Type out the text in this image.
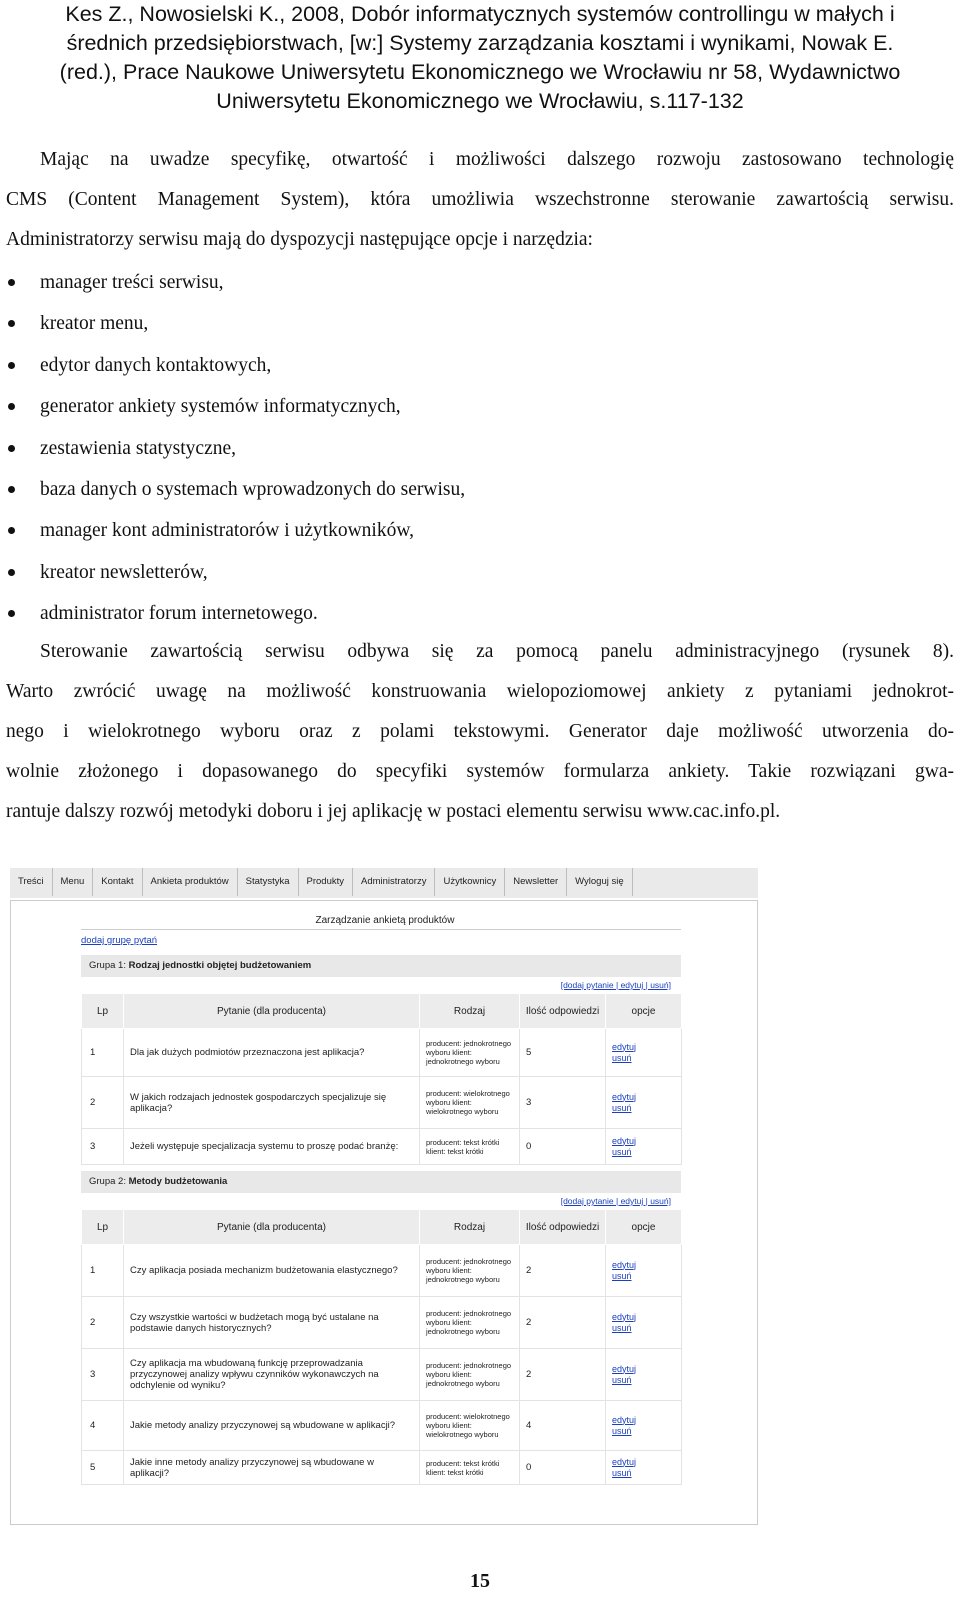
Kes Z., Nowosielski K., 2008, Dobór informatycznych systemów controllingu w małych i
średnich przedsiębiorstwach, [w:] Systemy zarządzania kosztami i wynikami, Nowak E.
(red.), Prace Naukowe Uniwersytetu Ekonomicznego we Wrocławiu nr 58, Wydawnictwo
Uniwersytetu Ekonomicznego we Wrocławiu, s.117-132
Mając na uwadze specyfikę, otwartość i możliwości dalszego rozwoju zastosowano technologię
CMS (Content Management System), która umożliwia wszechstronne sterowanie zawartością serwisu.
Administratorzy serwisu mają do dyspozycji następujące opcje i narzędzia:
manager treści serwisu,
kreator menu,
edytor danych kontaktowych,
generator ankiety systemów informatycznych,
zestawienia statystyczne,
baza danych o systemach wprowadzonych do serwisu,
manager kont administratorów i użytkowników,
kreator newsletterów,
administrator forum internetowego.
Sterowanie zawartością serwisu odbywa się za pomocą panelu administracyjnego (rysunek 8).
Warto zwrócić uwagę na możliwość konstruowania wielopoziomowej ankiety z pytaniami jednokrot-
nego i wielokrotnego wyboru oraz z polami tekstowymi. Generator daje możliwość utworzenia do-
wolnie złożonego i dopasowanego do specyfiki systemów formularza ankiety. Takie rozwiązani gwa-
rantuje dalszy rozwój metodyki doboru i jej aplikację w postaci elementu serwisu www.cac.info.pl.
Treści	Menu	Kontakt	Ankieta produktów	Statystyka	Produkty	Administratorzy	Użytkownicy	Newsletter	Wyloguj się
Zarządzanie ankietą produktów
dodaj grupę pytań
Grupa 1: Rodzaj jednostki objętej budżetowaniem
[dodaj pytanie | edytuj | usuń]
Lp	Pytanie (dla producenta)	Rodzaj	Ilość odpowiedzi	opcje
1	Dla jak dużych podmiotów przeznaczona jest aplikacja?	producent: jednokrotnego wyboru klient: jednokrotnego wyboru	5	edytuj
usuń

2	W jakich rodzajach jednostek gospodarczych specjalizuje się aplikacja?	producent: wielokrotnego wyboru klient: wielokrotnego wyboru	3	edytuj
usuń

3	Jeżeli występuje specjalizacja systemu to proszę podać branżę:	producent: tekst krótki klient: tekst krótki	0	edytuj
usuń
Grupa 2: Metody budżetowania
[dodaj pytanie | edytuj | usuń]
Lp	Pytanie (dla producenta)	Rodzaj	Ilość odpowiedzi	opcje
1	Czy aplikacja posiada mechanizm budżetowania elastycznego?	producent: jednokrotnego wyboru klient: jednokrotnego wyboru	2	edytuj
usuń

2	Czy wszystkie wartości w budżetach mogą być ustalane na podstawie danych historycznych?	producent: jednokrotnego wyboru klient: jednokrotnego wyboru	2	edytuj
usuń

3	Czy aplikacja ma wbudowaną funkcję przeprowadzania przyczynowej analizy wpływu czynników wykonawczych na odchylenie od wyniku?	producent: jednokrotnego wyboru klient: jednokrotnego wyboru	2	edytuj
usuń

4	Jakie metody analizy przyczynowej są wbudowane w aplikacji?	producent: wielokrotnego wyboru klient: wielokrotnego wyboru	4	edytuj
usuń

5	Jakie inne metody analizy przyczynowej są wbudowane w aplikacji?	producent: tekst krótki klient: tekst krótki	0	edytuj
usuń
15
